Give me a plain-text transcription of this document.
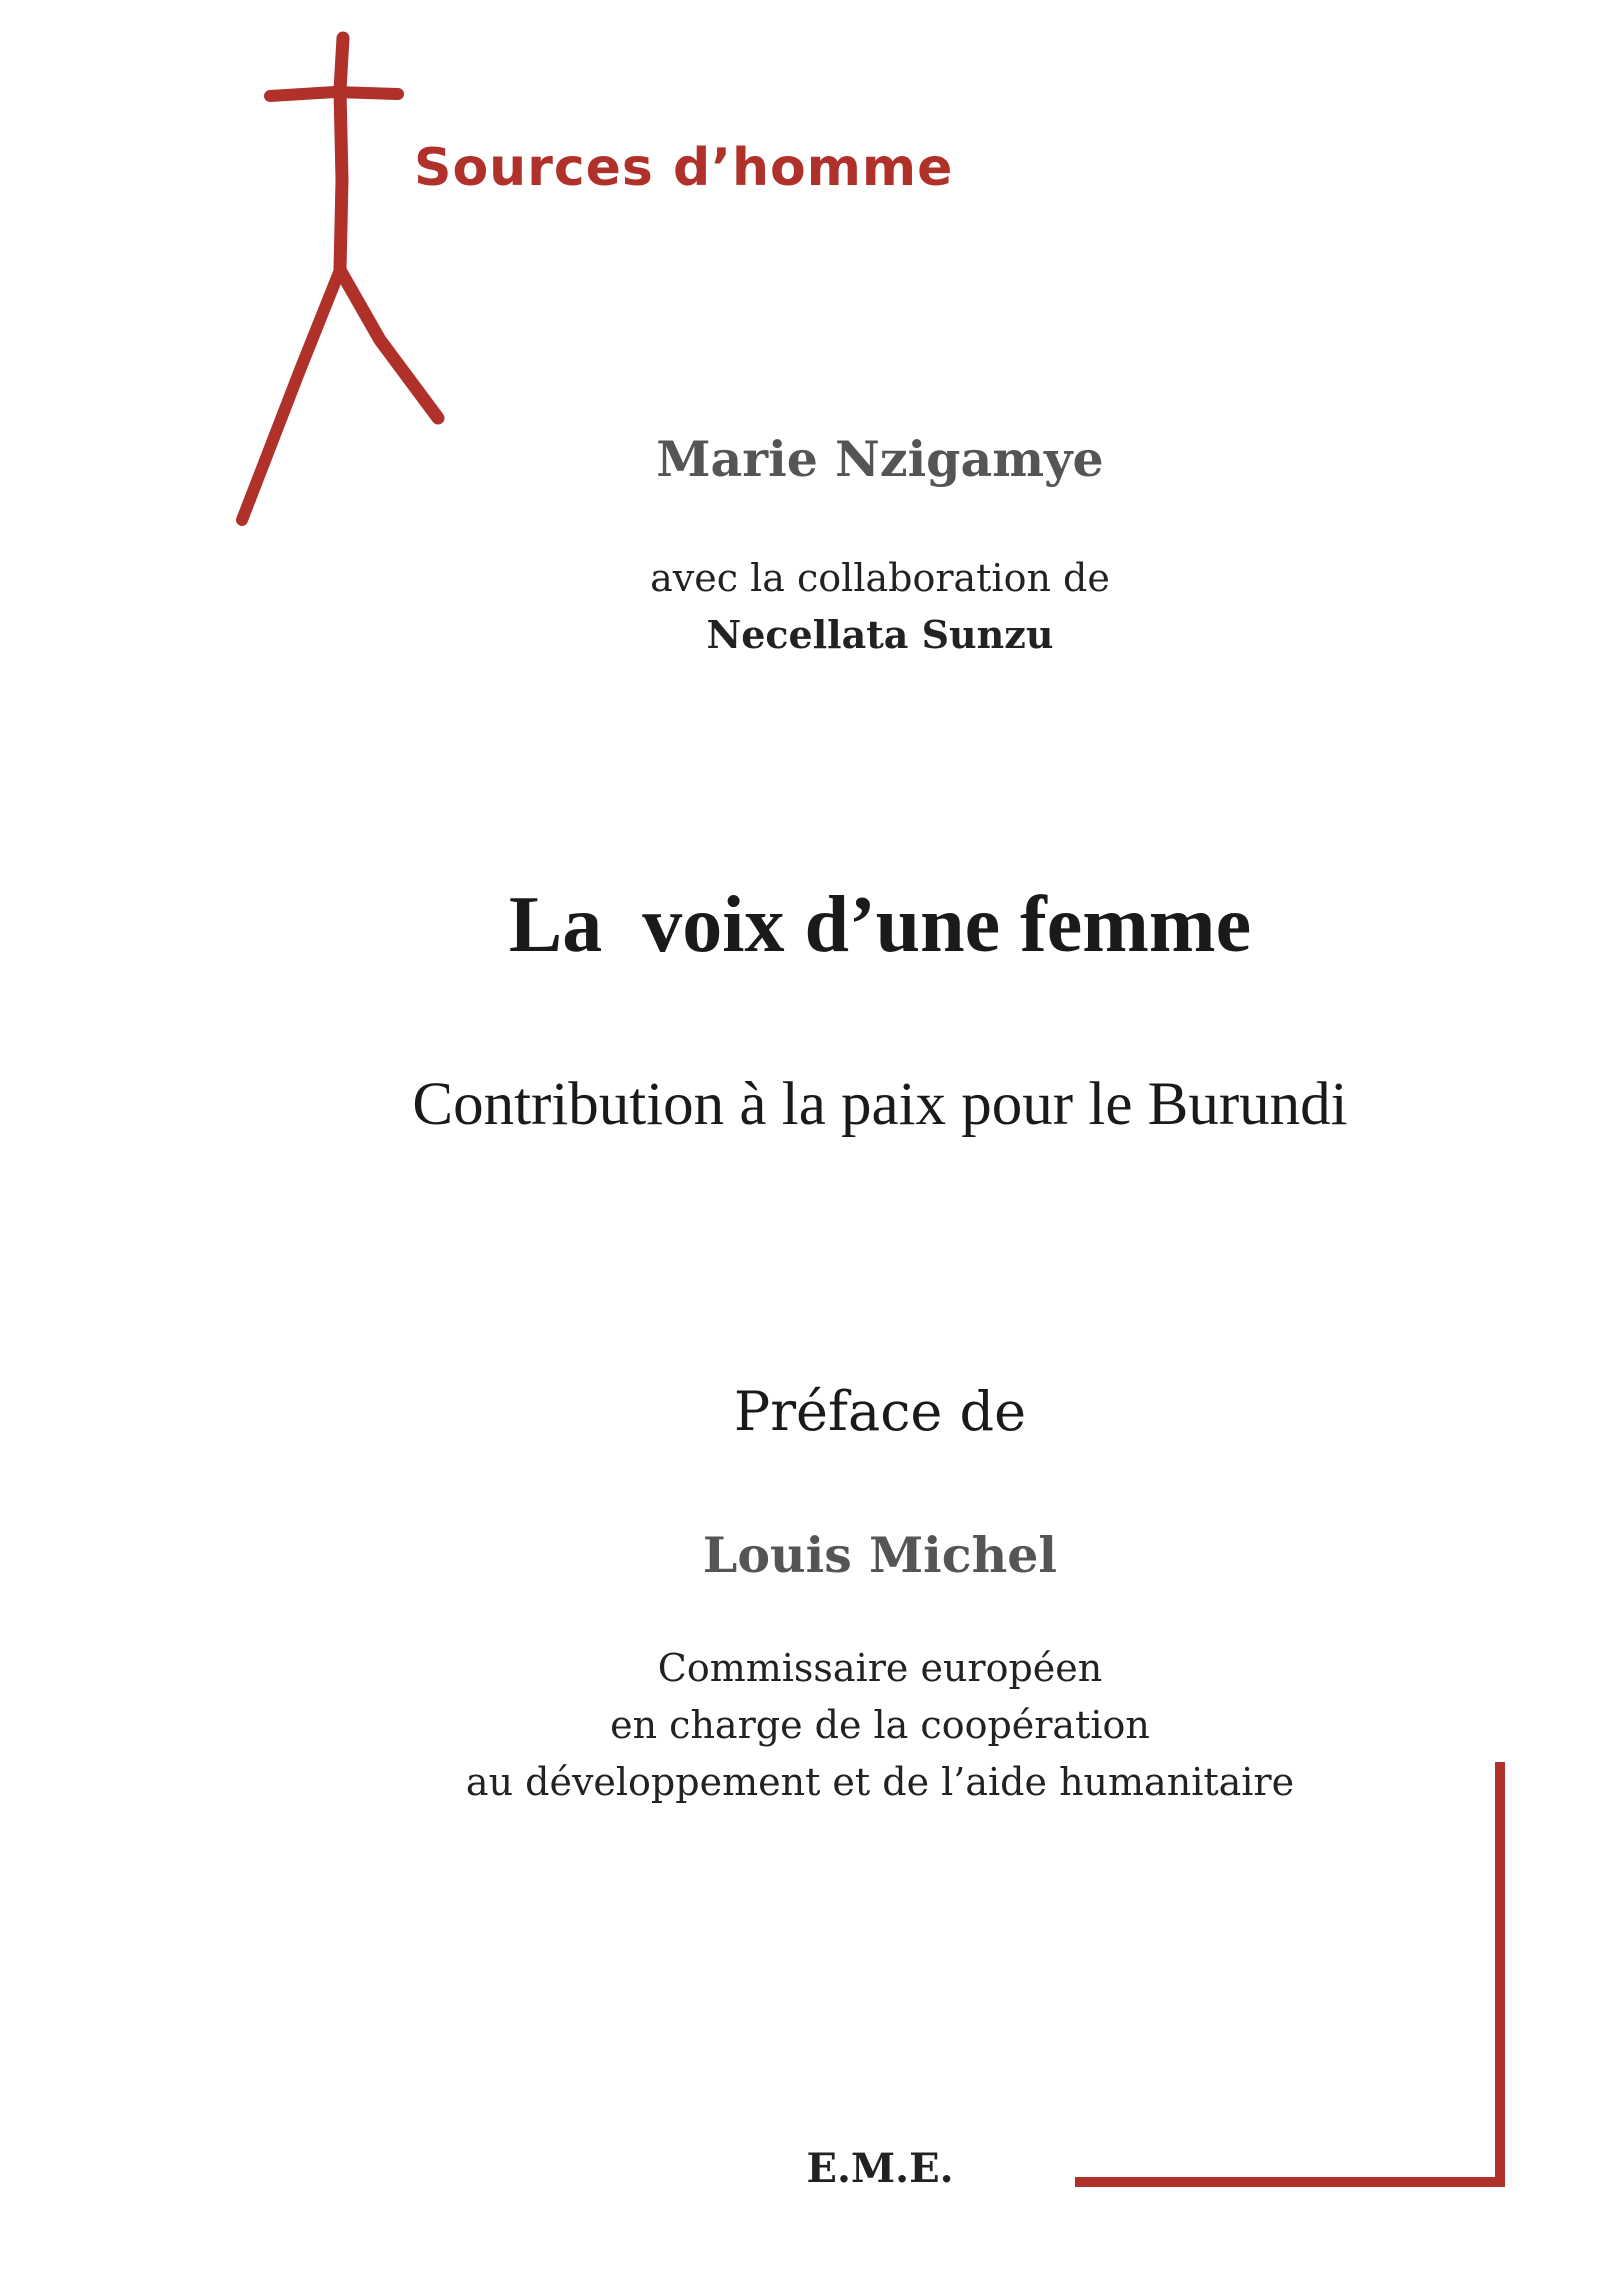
Sources d’homme
Marie Nzigamye
avec la collaboration de
Necellata Sunzu
La  voix d’une femme
Contribution à la paix pour le Burundi
Préface de
Louis Michel
Commissaire européen
en charge de la coopération
au développement et de l’aide humanitaire
E.M.E.
